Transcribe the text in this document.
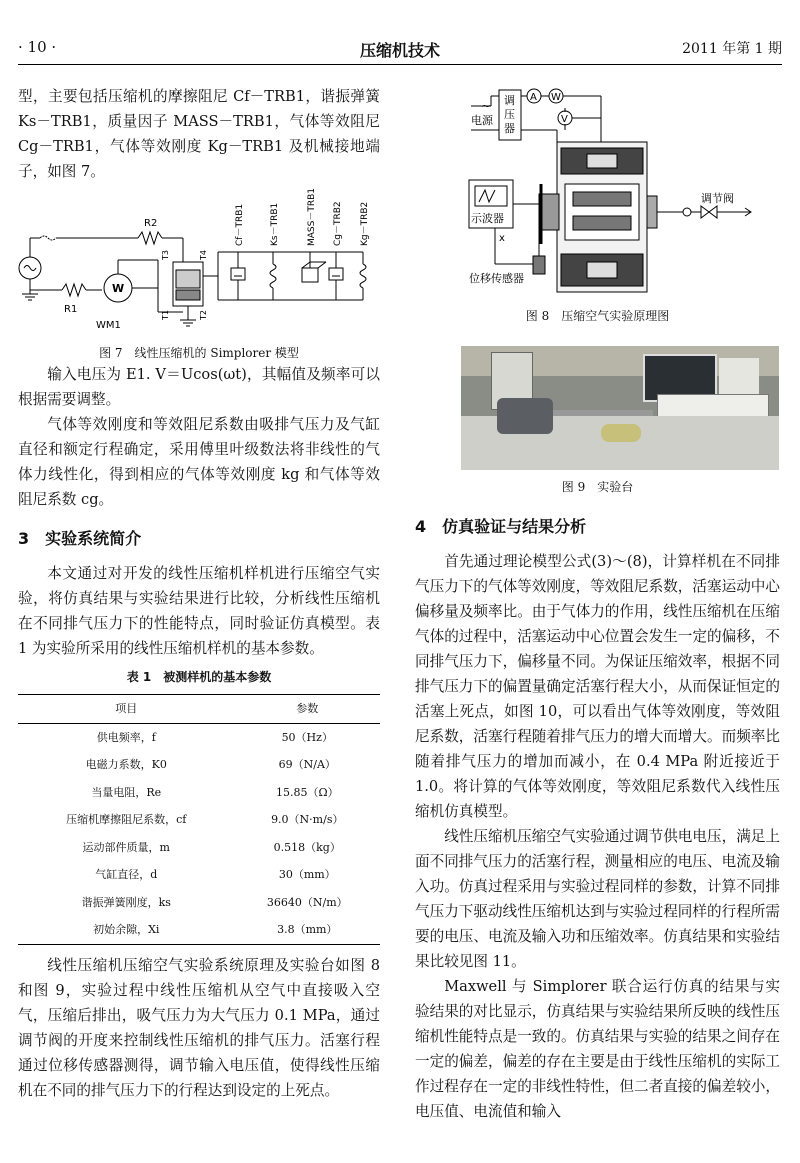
· 10 ·	压缩机技术	2011 年第 1 期

型，主要包括压缩机的摩擦阻尼 Cf－TRB1，谐振弹簧 Ks－TRB1，质量因子 MASS－TRB1，气体等效阻尼 Cg－TRB1，气体等效刚度 Kg－TRB1 及机械接地端子，如图 7。

R2
R1
W
WM1
T3	T4
T1	T2
Cf－TRB1	Ks－TRB1	MASS－TRB1 Cg－TRB2 Kg－TRB2
图 7　线性压缩机的 Simplorer 模型

输入电压为 E1. V＝Ucos(ωt)，其幅值及频率可以根据需要调整。

气体等效刚度和等效阻尼系数由吸排气压力及气缸直径和额定行程确定，采用傅里叶级数法将非线性的气体力线性化，得到相应的气体等效刚度 kg 和气体等效阻尼系数 cg。

3　实验系统简介

本文通过对开发的线性压缩机样机进行压缩空气实验，将仿真结果与实验结果进行比较，分析线性压缩机在不同排气压力下的性能特点，同时验证仿真模型。表 1 为实验所采用的线性压缩机样机的基本参数。

表 1　被测样机的基本参数
项目	参数
供电频率，f	50（Hz）
电磁力系数，K0	69（N/A）
当量电阻，Re	15.85（Ω）
压缩机摩擦阻尼系数，cf	9.0（N·m/s）
运动部件质量，m	0.518（kg）
气缸直径，d	30（mm）
谐振弹簧刚度，ks	36640（N/m）
初始余隙，Xi	3.8（mm）

线性压缩机压缩空气实验系统原理及实验台如图 8 和图 9，实验过程中线性压缩机从空气中直接吸入空气，压缩后排出，吸气压力为大气压力 0.1 MPa，通过调节阀的开度来控制线性压缩机的排气压力。活塞行程通过位移传感器测得，调节输入电压值，使得线性压缩机在不同的排气压力下的行程达到设定的上死点。

电源
~ 调
压
器
A W
V
调节阀
示波器
x
位移传感器
图 8　压缩空气实验原理图
图 9　实验台
4　仿真验证与结果分析

首先通过理论模型公式(3)～(8)，计算样机在不同排气压力下的气体等效刚度，等效阻尼系数，活塞运动中心偏移量及频率比。由于气体力的作用，线性压缩机在压缩气体的过程中，活塞运动中心位置会发生一定的偏移，不同排气压力下，偏移量不同。为保证压缩效率，根据不同排气压力下的偏置量确定活塞行程大小，从而保证恒定的活塞上死点，如图 10，可以看出气体等效刚度，等效阻尼系数，活塞行程随着排气压力的增大而增大。而频率比随着排气压力的增加而减小，在 0.4 MPa 附近接近于 1.0。将计算的气体等效刚度，等效阻尼系数代入线性压缩机仿真模型。

线性压缩机压缩空气实验通过调节供电电压，满足上面不同排气压力的活塞行程，测量相应的电压、电流及输入功。仿真过程采用与实验过程同样的参数，计算不同排气压力下驱动线性压缩机达到与实验过程同样的行程所需要的电压、电流及输入功和压缩效率。仿真结果和实验结果比较见图 11。

Maxwell 与 Simplorer 联合运行仿真的结果与实验结果的对比显示，仿真结果与实验结果所反映的线性压缩机性能特点是一致的。仿真结果与实验的结果之间存在一定的偏差，偏差的存在主要是由于线性压缩机的实际工作过程存在一定的非线性特性，但二者直接的偏差较小，电压值、电流值和输入
